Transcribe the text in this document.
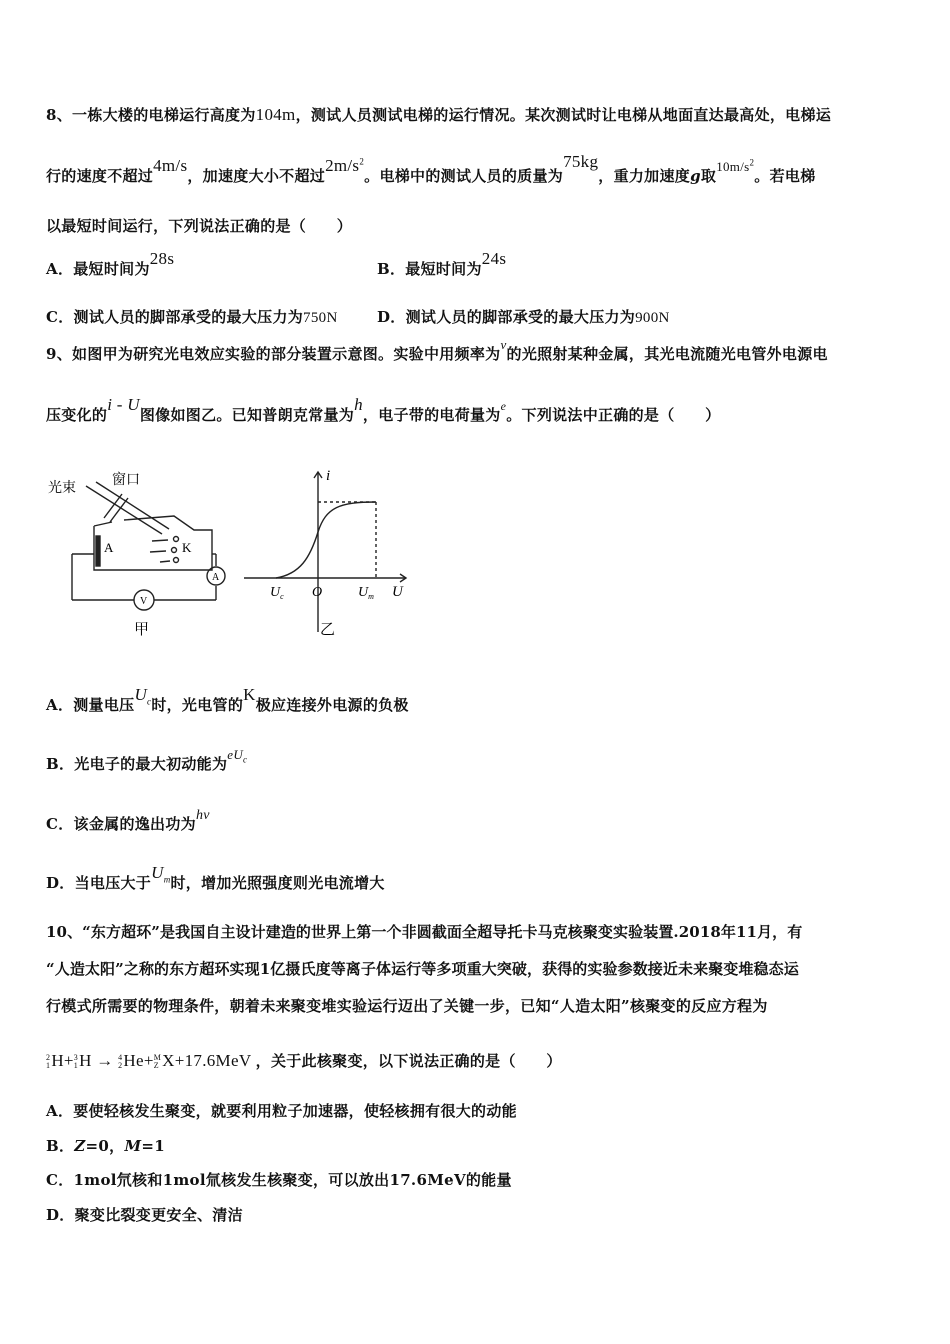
8、一栋大楼的电梯运行高度为104m，测试人员测试电梯的运行情况。某次测试时让电梯从地面直达最高处，电梯运
行的速度不超过4m/s，加速度大小不超过$2m/s^2$。电梯中的测试人员的质量为75kg，重力加速度g取$10m/s^2$。若电梯
以最短时间运行，下列说法正确的是（　　）
A．最短时间为28s
B．最短时间为24s
C．测试人员的脚部承受的最大压力为750N	D．测试人员的脚部承受的最大压力为900N
9、如图甲为研究光电效应实验的部分装置示意图。实验中用频率为ν的光照射某种金属，其光电流随光电管外电源电
压变化的i - U图像如图乙。已知普朗克常量为h，电子带的电荷量为$^e$。下列说法中正确的是（　　）
光束	窗口
A	K
A
V
甲
i
U
$U_c$ O	$U_m$
乙
A．测量电压$U_c$时，光电管的K极应连接外电源的负极
B．光电子的最大初动能为$eU_c$
C．该金属的逸出功为hν
D．当电压大于$U_m$时，增加光照强度则光电流增大
10、“东方超环”是我国自主设计建造的世界上第一个非圆截面全超导托卡马克核聚变实验装置.2018年11月，有
“人造太阳”之称的东方超环实现1亿摄氏度等离子体运行等多项重大突破，获得的实验参数接近未来聚变堆稳态运
行模式所需要的物理条件，朝着未来聚变堆实验运行迈出了关键一步，已知“人造太阳”核聚变的反应方程为
2
1 H+ 3
1 H → 4
2 He+ M
Z X+17.6MeV ，关于此核聚变，以下说法正确的是（　　）
A．要使轻核发生聚变，就要利用粒子加速器，使轻核拥有很大的动能
B．Z=0，M=1
C．1mol氘核和1mol氚核发生核聚变，可以放出17.6MeV的能量
D．聚变比裂变更安全、清洁
